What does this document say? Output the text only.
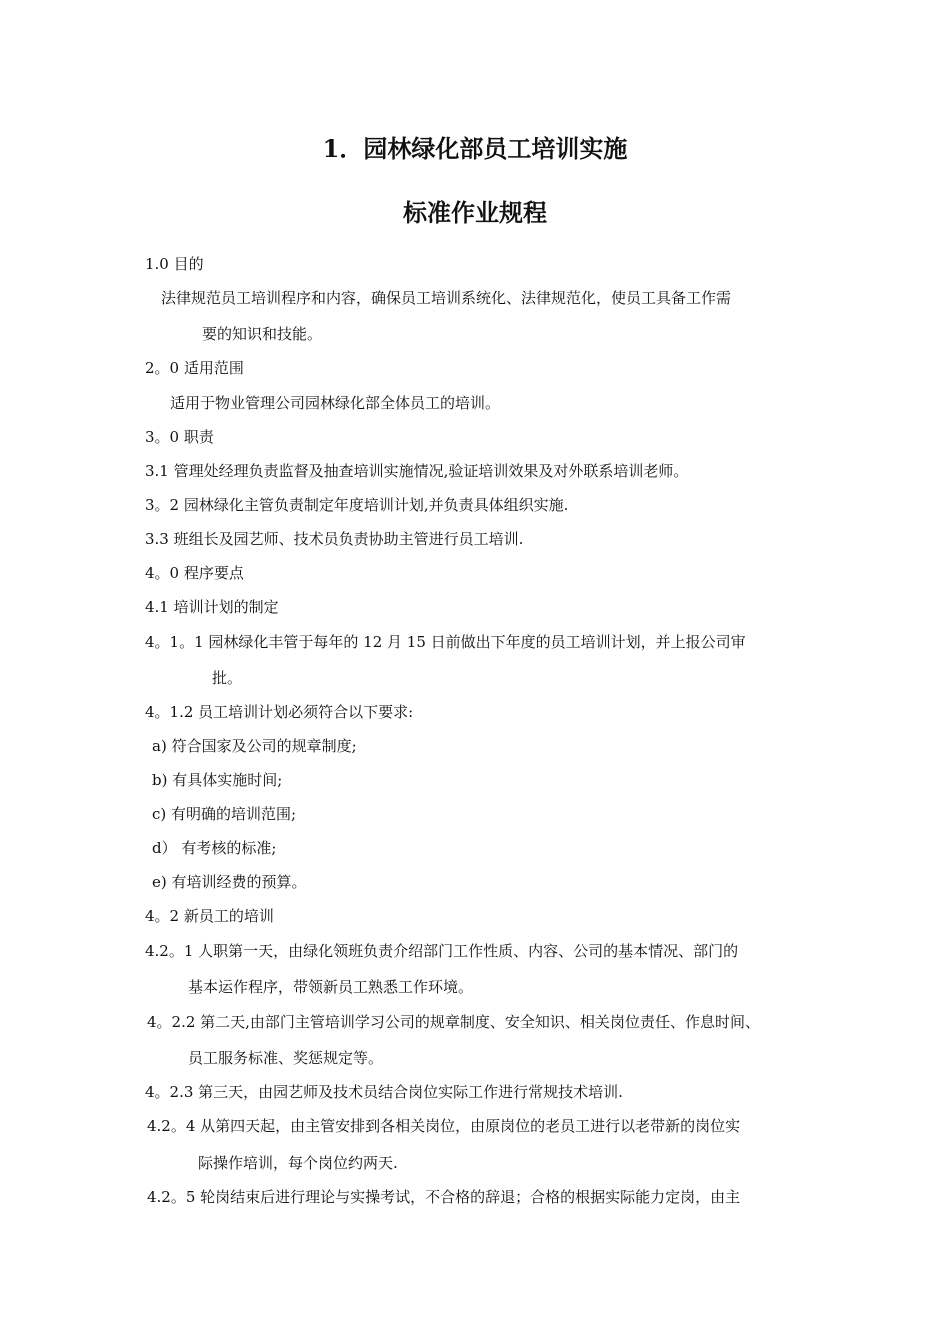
1．园林绿化部员工培训实施
标准作业规程
1.0 目的
法律规范员工培训程序和内容，确保员工培训系统化、法律规范化，使员工具备工作需
要的知识和技能。
2。0 适用范围
适用于物业管理公司园林绿化部全体员工的培训。
3。0 职责
3.1 管理处经理负责监督及抽查培训实施情况,验证培训效果及对外联系培训老师。
3。2 园林绿化主管负责制定年度培训计划,并负责具体组织实施.
3.3 班组长及园艺师、技术员负责协助主管进行员工培训.
4。0 程序要点
4.1 培训计划的制定
4。1。1 园林绿化丰管于每年的 12 月 15 日前做出下年度的员工培训计划，并上报公司审
批。
4。1.2 员工培训计划必须符合以下要求:
a) 符合国家及公司的规章制度;
b) 有具体实施时间;
c) 有明确的培训范围;
d） 有考核的标准;
e) 有培训经费的预算。
4。2 新员工的培训
4.2。1 人职第一天，由绿化领班负责介绍部门工作性质、内容、公司的基本情况、部门的
基本运作程序，带领新员工熟悉工作环境。
4。2.2 第二天,由部门主管培训学习公司的规章制度、安全知识、相关岗位责任、作息时间、
员工服务标准、奖惩规定等。
4。2.3 第三天，由园艺师及技术员结合岗位实际工作进行常规技术培训.
4.2。4 从第四天起，由主管安排到各相关岗位，由原岗位的老员工进行以老带新的岗位实
际操作培训，每个岗位约两天.
4.2。5 轮岗结束后进行理论与实操考试，不合格的辞退；合格的根据实际能力定岗，由主
